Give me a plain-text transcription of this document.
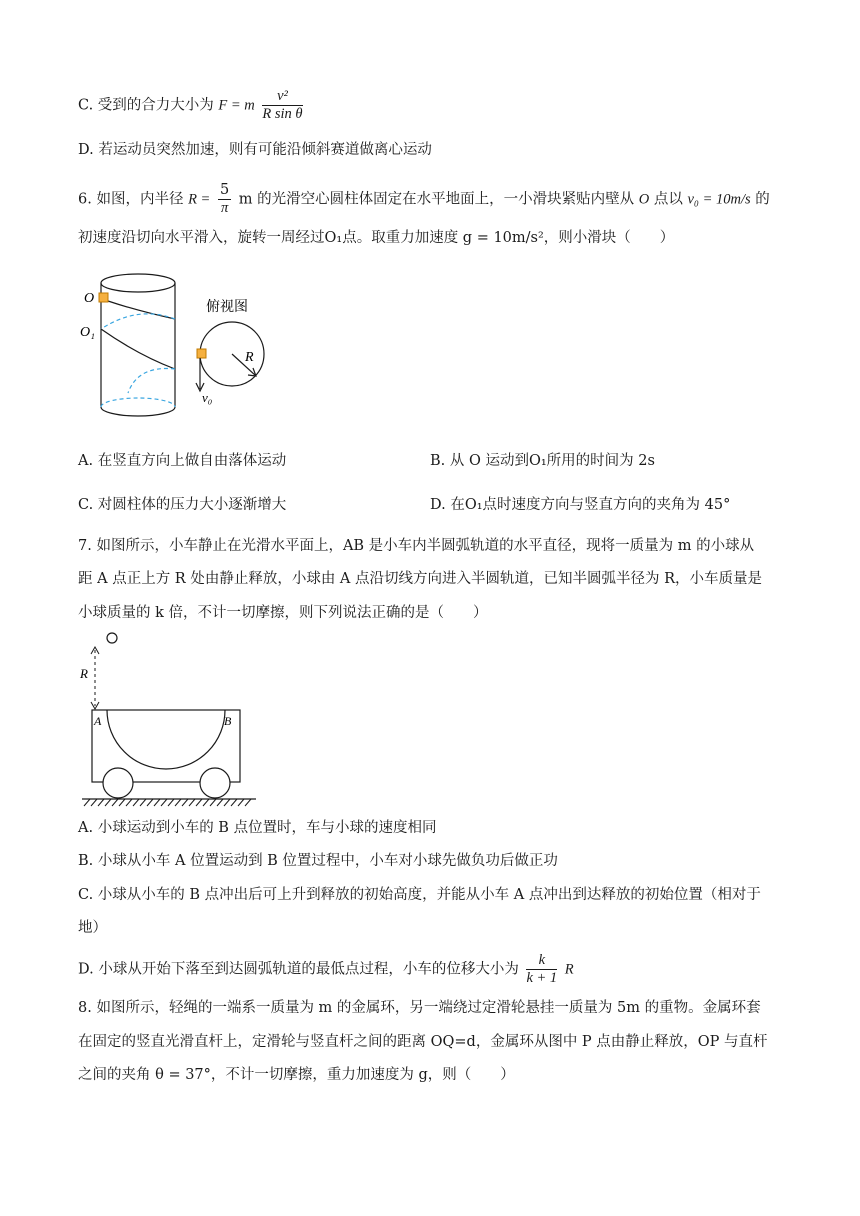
C. 受到的合力大小为 F = m $\frac{\text{v²}}{\text{R sin θ}}$
D. 若运动员突然加速，则有可能沿倾斜赛道做离心运动
6. 如图，内半径 $R = \frac{5}{\pi}$ m 的光滑空心圆柱体固定在水平地面上，一小滑块紧贴内壁从 O 点以 v₀ = 10m/s 的
初速度沿切向水平滑入，旋转一周经过O₁点。取重力加速度 g = 10m/s²，则小滑块（　　）
O
O₁
俯视图
v₀
R
A. 在竖直方向上做自由落体运动	B. 从 O 运动到O₁所用的时间为 2s
C. 对圆柱体的压力大小逐渐增大	D. 在O₁点时速度方向与竖直方向的夹角为 45°
7. 如图所示，小车静止在光滑水平面上，AB 是小车内半圆弧轨道的水平直径，现将一质量为 m 的小球从
距 A 点正上方 R 处由静止释放，小球由 A 点沿切线方向进入半圆轨道，已知半圆弧半径为 R，小车质量是
小球质量的 k 倍，不计一切摩擦，则下列说法正确的是（　　）
R
A	B
A. 小球运动到小车的 B 点位置时，车与小球的速度相同
B. 小球从小车 A 位置运动到 B 位置过程中，小车对小球先做负功后做正功
C. 小球从小车的 B 点冲出后可上升到释放的初始高度，并能从小车 A 点冲出到达释放的初始位置（相对于
地）
D. 小球从开始下落至到达圆弧轨道的最低点过程，小车的位移大小为 $\frac{k}{k + 1}$ R
8. 如图所示，轻绳的一端系一质量为 m 的金属环，另一端绕过定滑轮悬挂一质量为 5m 的重物。金属环套
在固定的竖直光滑直杆上，定滑轮与竖直杆之间的距离 OQ=d，金属环从图中 P 点由静止释放，OP 与直杆
之间的夹角 θ = 37°，不计一切摩擦，重力加速度为 g，则（　　）
